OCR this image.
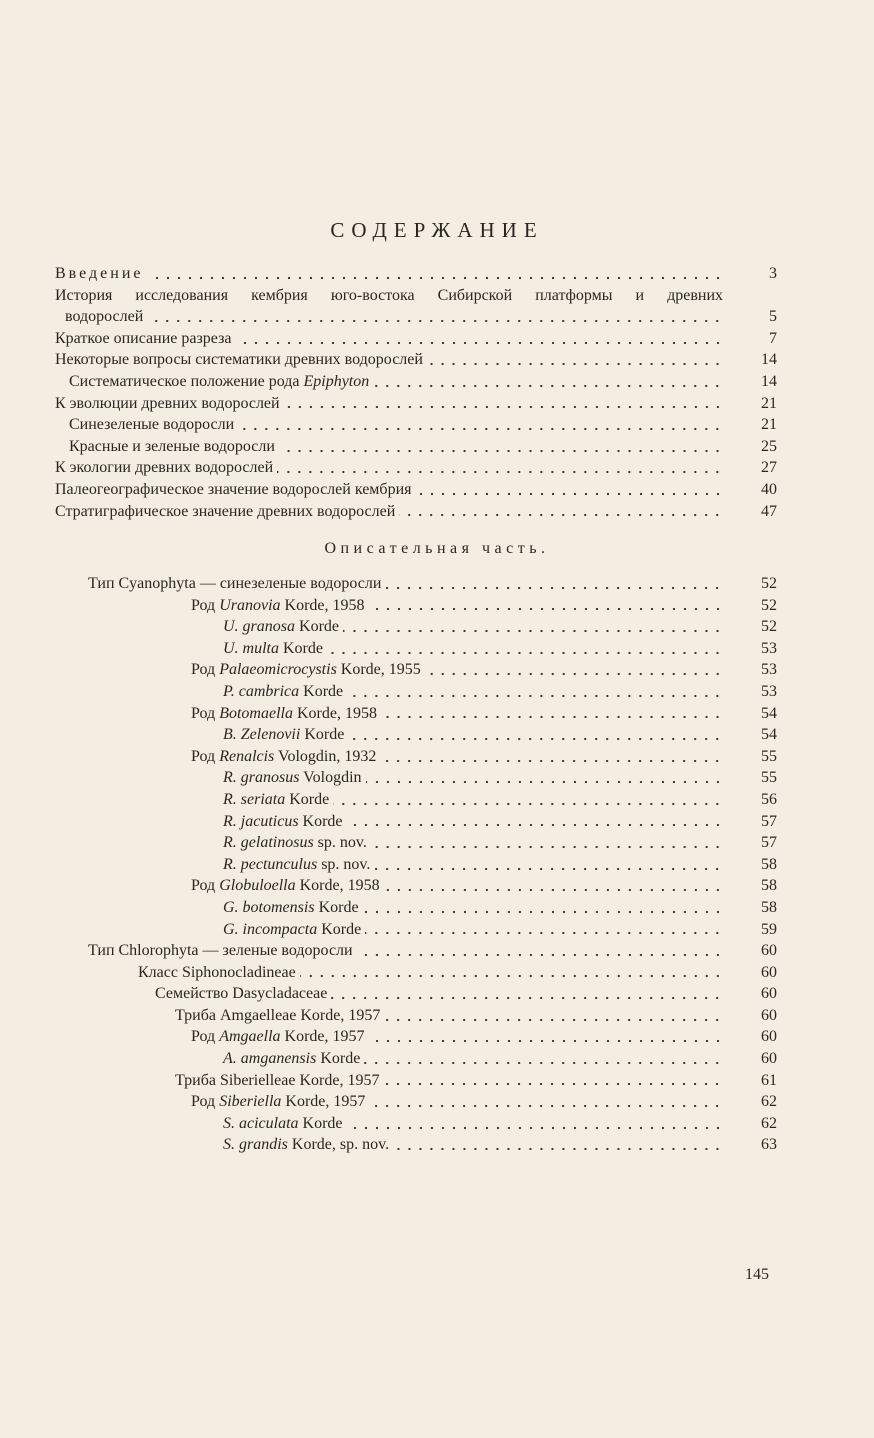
СОДЕРЖАНИЕ
Введение	3
История исследования кембрия юго-востока Сибирской платформы и древних
водорослей	5
Краткое описание разреза	7
Некоторые вопросы систематики древних водорослей	14
Систематическое положение рода Epiphyton	14
К эволюции древних водорослей	21
Синезеленые водоросли	21
Красные и зеленые водоросли	25
К экологии древних водорослей	27
Палеогеографическое значение водорослей кембрия	40
Стратиграфическое значение древних водорослей	47
Описательная часть.
Тип Cyanophyta — синезеленые водоросли	52
Род Uranovia Korde, 1958	52
U. granosa Korde	52
U. multa Korde	53
Род Palaeomicrocystis Korde, 1955	53
P. cambrica Korde	53
Род Botomaella Korde, 1958	54
B. Zelenovii Korde	54
Род Renalcis Vologdin, 1932	55
R. granosus Vologdin	55
R. seriata Korde	56
R. jacuticus Korde	57
R. gelatinosus sp. nov.	57
R. pectunculus sp. nov.	58
Род Globuloella Korde, 1958	58
G. botomensis Korde	58
G. incompacta Korde	59
Тип Chlorophyta — зеленые водоросли	60
Класс Siphonocladineae	60
Семейство Dasycladaceae	60
Триба Amgaelleae Korde, 1957	60
Род Amgaella Korde, 1957	60
A. amganensis Korde	60
Триба Siberielleae Korde, 1957	61
Род Siberiella Korde, 1957	62
S. aciculata Korde	62
S. grandis Korde, sp. nov.	63
145
